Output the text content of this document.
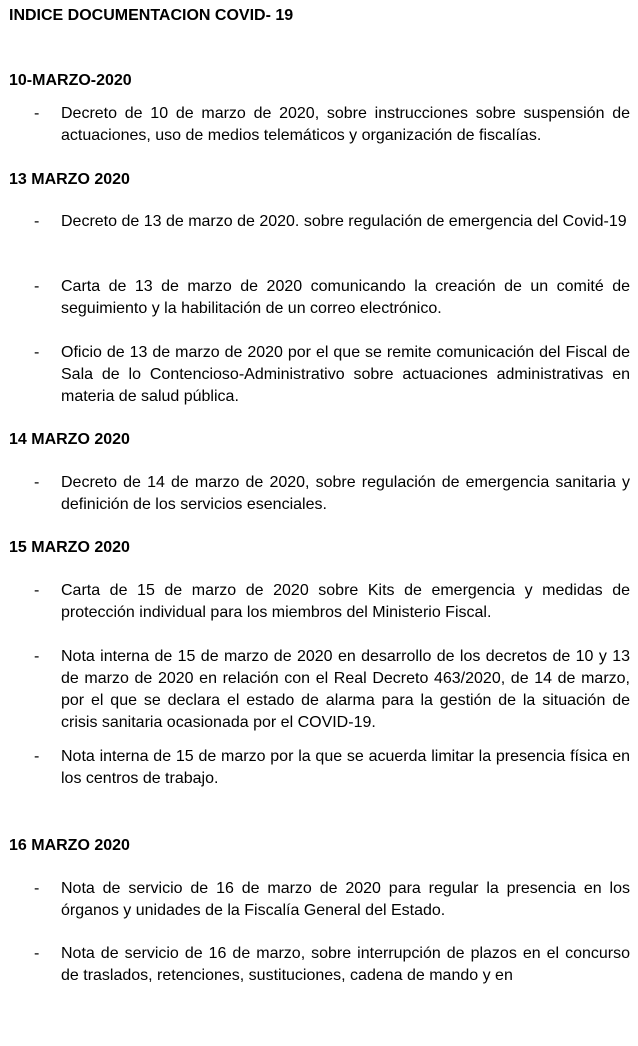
INDICE DOCUMENTACION COVID- 19
10-MARZO-2020
- Decreto de 10 de marzo de 2020, sobre instrucciones sobre suspensión de actuaciones, uso de medios telemáticos y organización de fiscalías.
13 MARZO 2020
- Decreto de 13 de marzo de 2020. sobre regulación de emergencia del Covid-19
- Carta de 13 de marzo de 2020 comunicando la creación de un comité de seguimiento y la habilitación de un correo electrónico.
- Oficio de 13 de marzo de 2020 por el que se remite comunicación del Fiscal de Sala de lo Contencioso-Administrativo sobre actuaciones administrativas en materia de salud pública.
14 MARZO 2020
- Decreto de 14 de marzo de 2020, sobre regulación de emergencia sanitaria y definición de los servicios esenciales.
15 MARZO 2020
- Carta de 15 de marzo de 2020 sobre Kits de emergencia y medidas de protección individual para los miembros del Ministerio Fiscal.
- Nota interna de 15 de marzo de 2020 en desarrollo de los decretos de 10 y 13 de marzo de 2020 en relación con el Real Decreto 463/2020, de 14 de marzo, por el que se declara el estado de alarma para la gestión de la situación de crisis sanitaria ocasionada por el COVID-19.
- Nota interna de 15 de marzo por la que se acuerda limitar la presencia física en los centros de trabajo.
16 MARZO 2020
- Nota de servicio de 16 de marzo de 2020 para regular la presencia en los órganos y unidades de la Fiscalía General del Estado.
- Nota de servicio de 16 de marzo, sobre interrupción de plazos en el concurso de traslados, retenciones, sustituciones, cadena de mando y en
